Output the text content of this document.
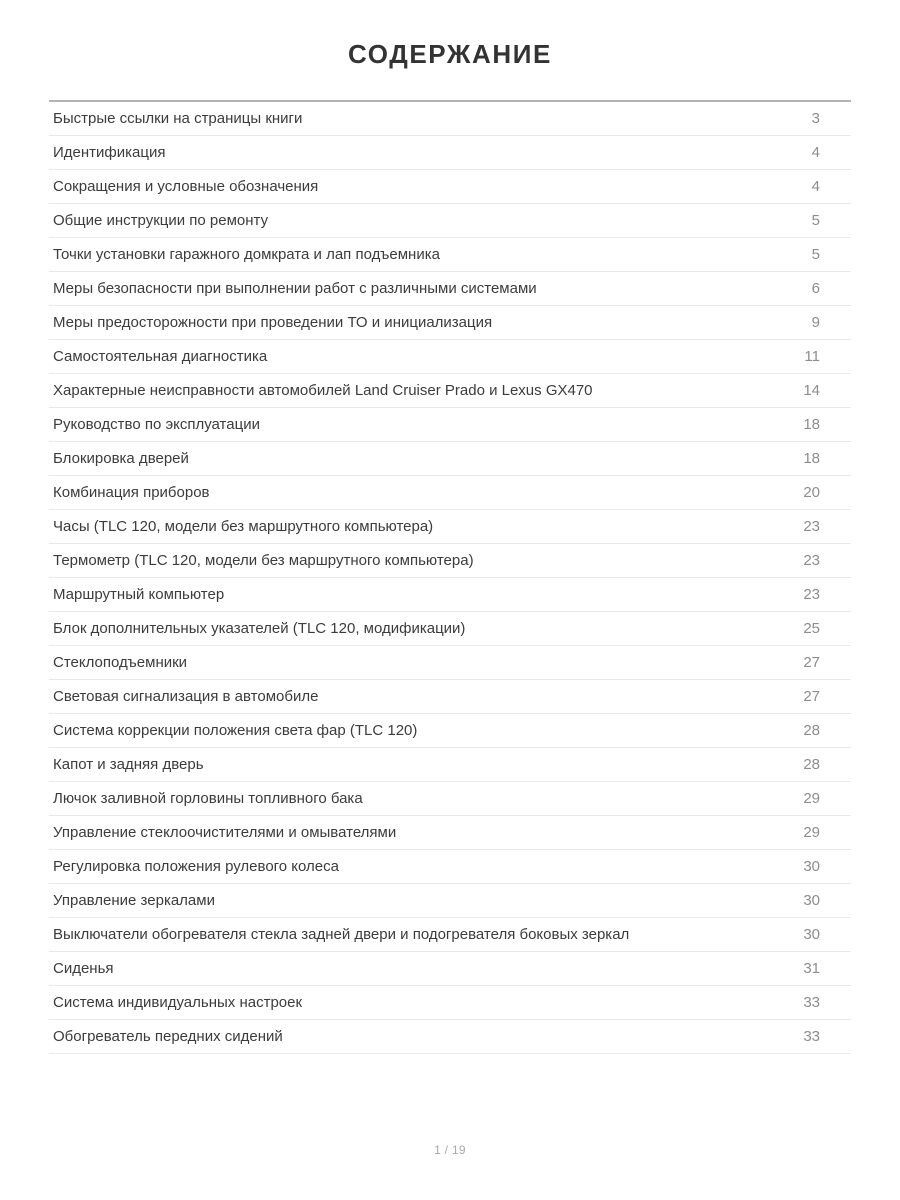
СОДЕРЖАНИЕ
Быстрые ссылки на страницы книги	3
Идентификация	4
Сокращения и условные обозначения	4
Общие инструкции по ремонту	5
Точки установки гаражного домкрата и лап подъемника	5
Меры безопасности при выполнении работ с различными системами	6
Меры предосторожности при проведении ТО и инициализация	9
Самостоятельная диагностика	11
Характерные неисправности автомобилей Land Cruiser Prado и Lexus GX470	14
Руководство по эксплуатации	18
Блокировка дверей	18
Комбинация приборов	20
Часы (TLC 120, модели без маршрутного компьютера)	23
Термометр (TLC 120, модели без маршрутного компьютера)	23
Маршрутный компьютер	23
Блок дополнительных указателей (TLC 120, модификации)	25
Стеклоподъемники	27
Световая сигнализация в автомобиле	27
Система коррекции положения света фар (TLC 120)	28
Капот и задняя дверь	28
Лючок заливной горловины топливного бака	29
Управление стеклоочистителями и омывателями	29
Регулировка положения рулевого колеса	30
Управление зеркалами	30
Выключатели обогревателя стекла задней двери и подогревателя боковых зеркал	30
Сиденья	31
Система индивидуальных настроек	33
Обогреватель передних сидений	33
1 / 19
